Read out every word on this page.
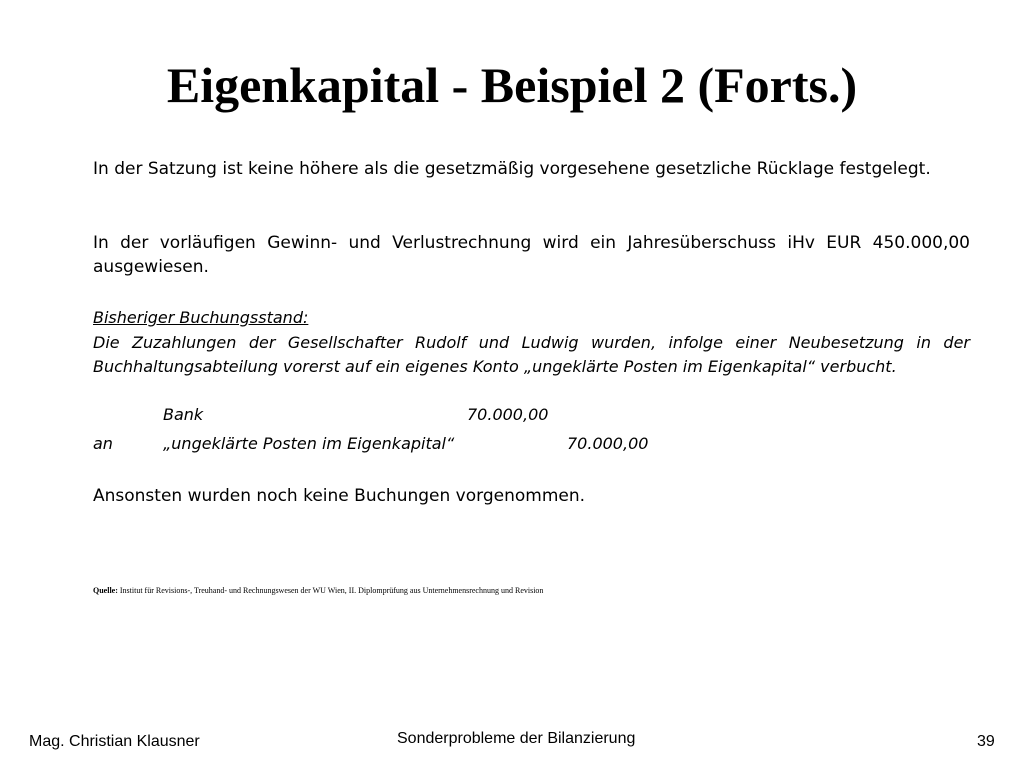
Eigenkapital - Beispiel 2 (Forts.)

In der Satzung ist keine höhere als die gesetzmäßig vorgesehene gesetzliche Rücklage festgelegt.

In der vorläufigen Gewinn- und Verlustrechnung wird ein Jahresüberschuss iHv EUR 450.000,00 ausgewiesen.

Bisheriger Buchungsstand:

Die Zuzahlungen der Gesellschafter Rudolf und Ludwig wurden, infolge einer Neubesetzung in der Buchhaltungsabteilung vorerst auf ein eigenes Konto „ungeklärte Posten im Eigenkapital“ verbucht.

Bank	70.000,00
an	„ungeklärte Posten im Eigenkapital“	70.000,00

Ansonsten wurden noch keine Buchungen vorgenommen.

Quelle: Institut für Revisions-, Treuhand- und Rechnungswesen der WU Wien, II. Diplomprüfung aus Unternehmensrechnung und Revision
Mag. Christian Klausner	Sonderprobleme der Bilanzierung	39
